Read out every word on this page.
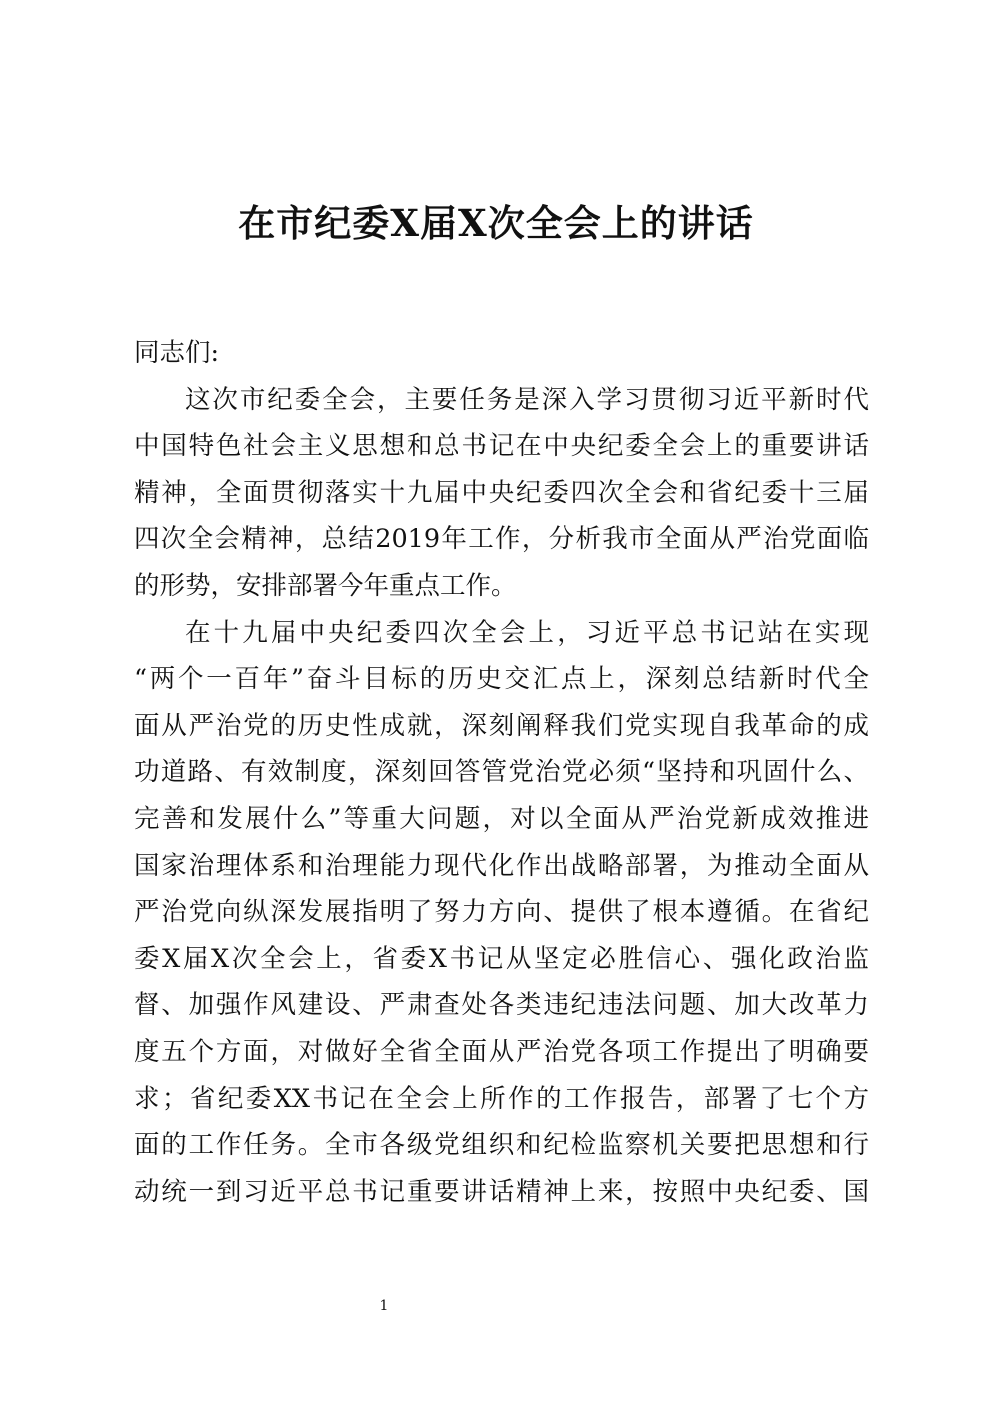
在市纪委X届X次全会上的讲话
同志们:
这次市纪委全会，主要任务是深入学习贯彻习近平新时代
中国特色社会主义思想和总书记在中央纪委全会上的重要讲话
精神，全面贯彻落实十九届中央纪委四次全会和省纪委十三届
四次全会精神，总结2019年工作，分析我市全面从严治党面临
的形势，安排部署今年重点工作。
在十九届中央纪委四次全会上，习近平总书记站在实现
“两个一百年”奋斗目标的历史交汇点上，深刻总结新时代全
面从严治党的历史性成就，深刻阐释我们党实现自我革命的成
功道路、有效制度，深刻回答管党治党必须“坚持和巩固什么、
完善和发展什么”等重大问题，对以全面从严治党新成效推进
国家治理体系和治理能力现代化作出战略部署，为推动全面从
严治党向纵深发展指明了努力方向、提供了根本遵循。在省纪
委X届X次全会上，省委X书记从坚定必胜信心、强化政治监
督、加强作风建设、严肃查处各类违纪违法问题、加大改革力
度五个方面，对做好全省全面从严治党各项工作提出了明确要
求；省纪委XX书记在全会上所作的工作报告，部署了七个方
面的工作任务。全市各级党组织和纪检监察机关要把思想和行
动统一到习近平总书记重要讲话精神上来，按照中央纪委、国
1
